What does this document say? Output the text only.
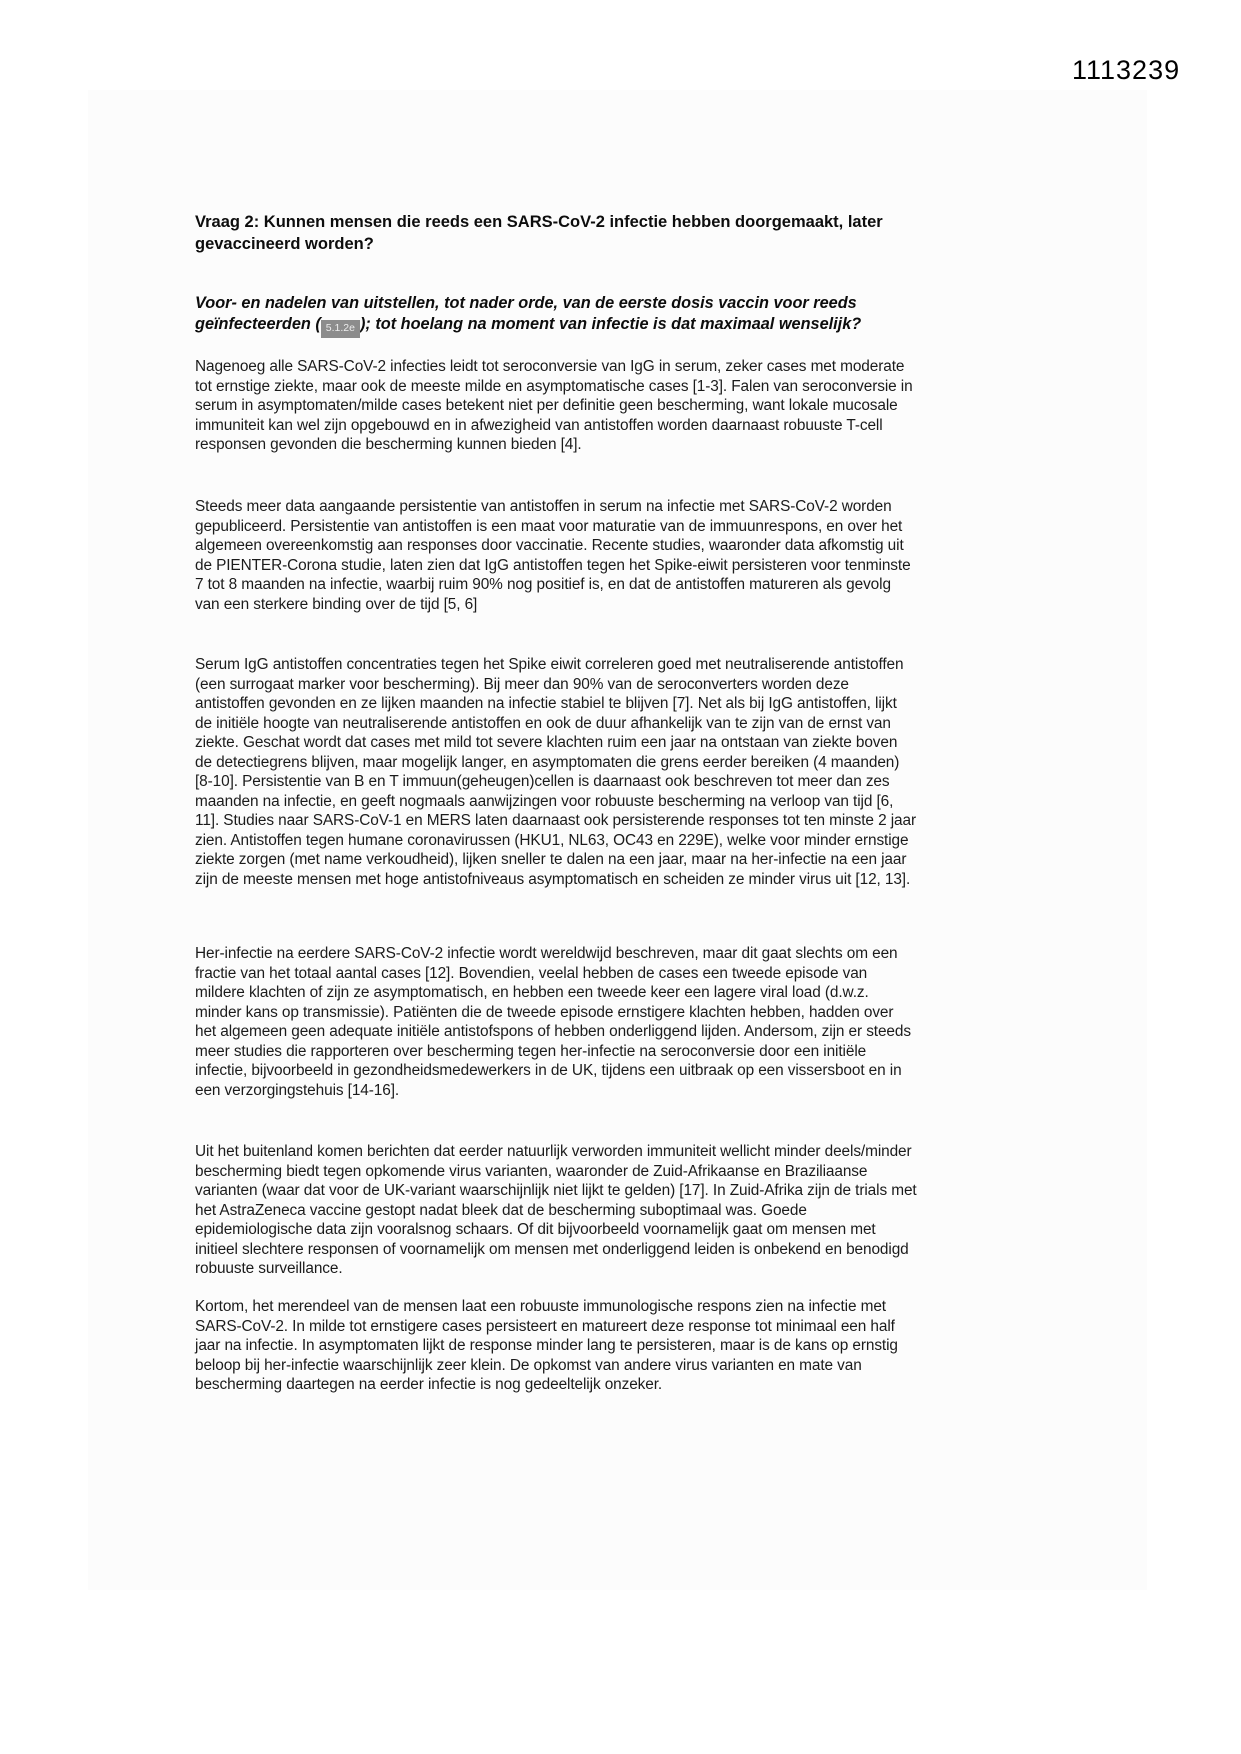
1113239
Vraag 2: Kunnen mensen die reeds een SARS-CoV-2 infectie hebben doorgemaakt, later gevaccineerd worden?
Voor- en nadelen van uitstellen, tot nader orde, van de eerste dosis vaccin voor reeds geïnfecteerden ( 5.1.2e ); tot hoelang na moment van infectie is dat maximaal wenselijk?
Nagenoeg alle SARS-CoV-2 infecties leidt tot seroconversie van IgG in serum, zeker cases met moderate tot ernstige ziekte, maar ook de meeste milde en asymptomatische cases [1-3]. Falen van seroconversie in serum in asymptomaten/milde cases betekent niet per definitie geen bescherming, want lokale mucosale immuniteit kan wel zijn opgebouwd en in afwezigheid van antistoffen worden daarnaast robuuste T-cell responsen gevonden die bescherming kunnen bieden [4].
Steeds meer data aangaande persistentie van antistoffen in serum na infectie met SARS-CoV-2 worden gepubliceerd. Persistentie van antistoffen is een maat voor maturatie van de immuunrespons, en over het algemeen overeenkomstig aan responses door vaccinatie. Recente studies, waaronder data afkomstig uit de PIENTER-Corona studie, laten zien dat IgG antistoffen tegen het Spike-eiwit persisteren voor tenminste 7 tot 8 maanden na infectie, waarbij ruim 90% nog positief is, en dat de antistoffen matureren als gevolg van een sterkere binding over de tijd [5, 6]
Serum IgG antistoffen concentraties tegen het Spike eiwit correleren goed met neutraliserende antistoffen (een surrogaat marker voor bescherming). Bij meer dan 90% van de seroconverters worden deze antistoffen gevonden en ze lijken maanden na infectie stabiel te blijven [7]. Net als bij IgG antistoffen, lijkt de initiële hoogte van neutraliserende antistoffen en ook de duur afhankelijk van te zijn van de ernst van ziekte. Geschat wordt dat cases met mild tot severe klachten ruim een jaar na ontstaan van ziekte boven de detectiegrens blijven, maar mogelijk langer, en asymptomaten die grens eerder bereiken (4 maanden) [8-10]. Persistentie van B en T immuun(geheugen)cellen is daarnaast ook beschreven tot meer dan zes maanden na infectie, en geeft nogmaals aanwijzingen voor robuuste bescherming na verloop van tijd [6, 11]. Studies naar SARS-CoV-1 en MERS laten daarnaast ook persisterende responses tot ten minste 2 jaar zien. Antistoffen tegen humane coronavirussen (HKU1, NL63, OC43 en 229E), welke voor minder ernstige ziekte zorgen (met name verkoudheid), lijken sneller te dalen na een jaar, maar na her-infectie na een jaar zijn de meeste mensen met hoge antistofniveaus asymptomatisch en scheiden ze minder virus uit [12, 13].
Her-infectie na eerdere SARS-CoV-2 infectie wordt wereldwijd beschreven, maar dit gaat slechts om een fractie van het totaal aantal cases [12]. Bovendien, veelal hebben de cases een tweede episode van mildere klachten of zijn ze asymptomatisch, en hebben een tweede keer een lagere viral load (d.w.z. minder kans op transmissie). Patiënten die de tweede episode ernstigere klachten hebben, hadden over het algemeen geen adequate initiële antistofspons of hebben onderliggend lijden. Andersom, zijn er steeds meer studies die rapporteren over bescherming tegen her-infectie na seroconversie door een initiële infectie, bijvoorbeeld in gezondheidsmedewerkers in de UK, tijdens een uitbraak op een vissersboot en in een verzorgingstehuis [14-16].
Uit het buitenland komen berichten dat eerder natuurlijk verworden immuniteit wellicht minder deels/minder bescherming biedt tegen opkomende virus varianten, waaronder de Zuid-Afrikaanse en Braziliaanse varianten (waar dat voor de UK-variant waarschijnlijk niet lijkt te gelden) [17]. In Zuid-Afrika zijn de trials met het AstraZeneca vaccine gestopt nadat bleek dat de bescherming suboptimaal was. Goede epidemiologische data zijn vooralsnog schaars. Of dit bijvoorbeeld voornamelijk gaat om mensen met initieel slechtere responsen of voornamelijk om mensen met onderliggend leiden is onbekend en benodigd robuuste surveillance.
Kortom, het merendeel van de mensen laat een robuuste immunologische respons zien na infectie met SARS-CoV-2. In milde tot ernstigere cases persisteert en matureert deze response tot minimaal een half jaar na infectie. In asymptomaten lijkt de response minder lang te persisteren, maar is de kans op ernstig beloop bij her-infectie waarschijnlijk zeer klein. De opkomst van andere virus varianten en mate van bescherming daartegen na eerder infectie is nog gedeeltelijk onzeker.
